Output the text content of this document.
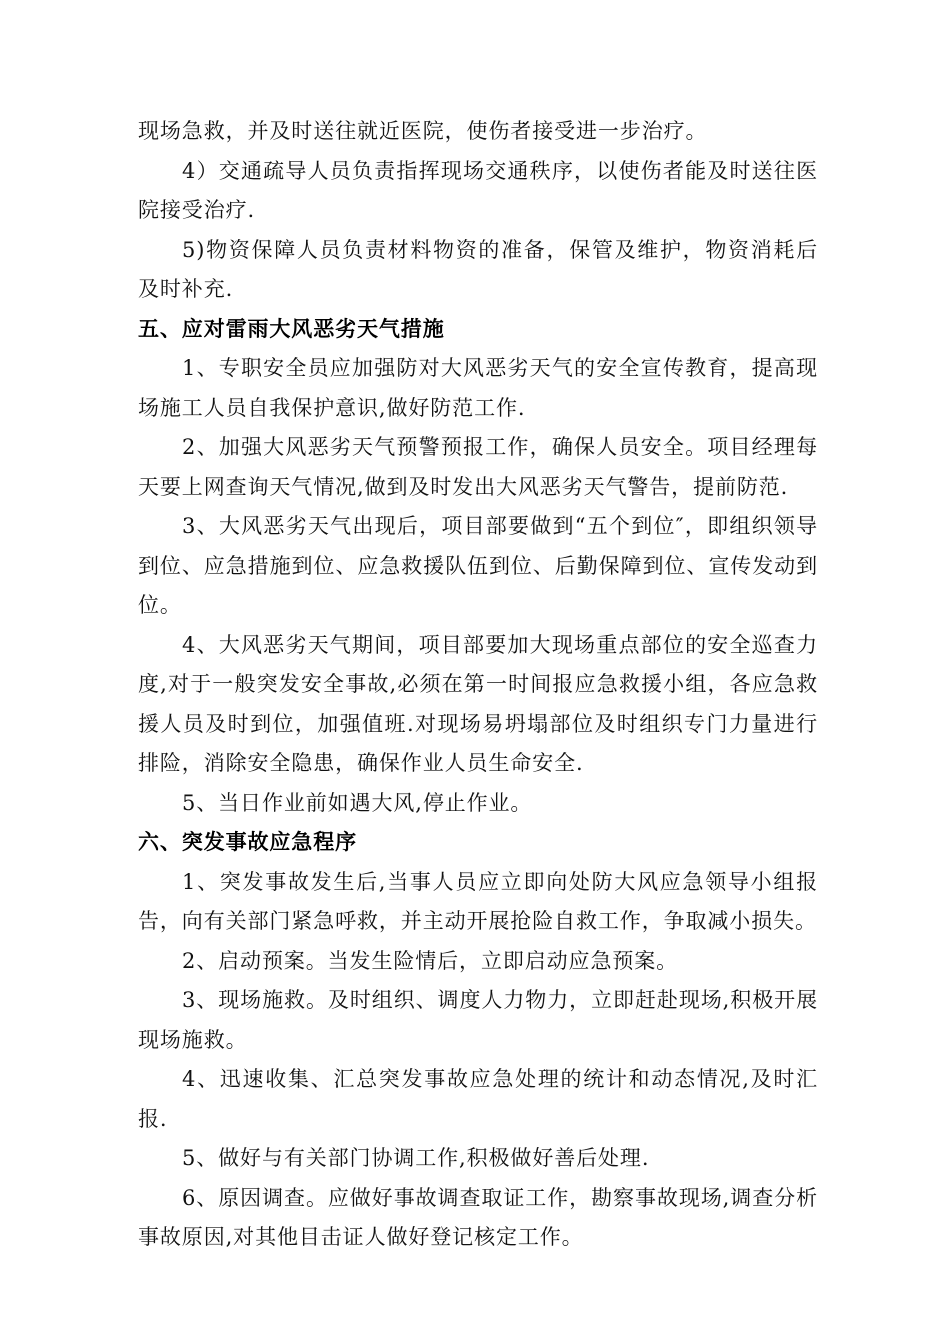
现场急救，并及时送往就近医院，使伤者接受进一步治疗。

4）交通疏导人员负责指挥现场交通秩序，以使伤者能及时送往医院接受治疗.

5)物资保障人员负责材料物资的准备，保管及维护，物资消耗后及时补充.

五、应对雷雨大风恶劣天气措施

1、专职安全员应加强防对大风恶劣天气的安全宣传教育，提高现场施工人员自我保护意识,做好防范工作.

2、加强大风恶劣天气预警预报工作，确保人员安全。项目经理每天要上网查询天气情况,做到及时发出大风恶劣天气警告，提前防范.

3、大风恶劣天气出现后，项目部要做到“五个到位″，即组织领导到位、应急措施到位、应急救援队伍到位、后勤保障到位、宣传发动到位。

4、大风恶劣天气期间，项目部要加大现场重点部位的安全巡查力度,对于一般突发安全事故,必须在第一时间报应急救援小组，各应急救援人员及时到位，加强值班.对现场易坍塌部位及时组织专门力量进行排险，消除安全隐患，确保作业人员生命安全.

5、当日作业前如遇大风,停止作业。

六、突发事故应急程序

1、突发事故发生后,当事人员应立即向处防大风应急领导小组报告，向有关部门紧急呼救，并主动开展抢险自救工作，争取减小损失。

2、启动预案。当发生险情后，立即启动应急预案。

3、现场施救。及时组织、调度人力物力，立即赶赴现场,积极开展现场施救。

4、迅速收集、汇总突发事故应急处理的统计和动态情况,及时汇报.

5、做好与有关部门协调工作,积极做好善后处理.

6、原因调查。应做好事故调查取证工作，勘察事故现场,调查分析事故原因,对其他目击证人做好登记核定工作。
